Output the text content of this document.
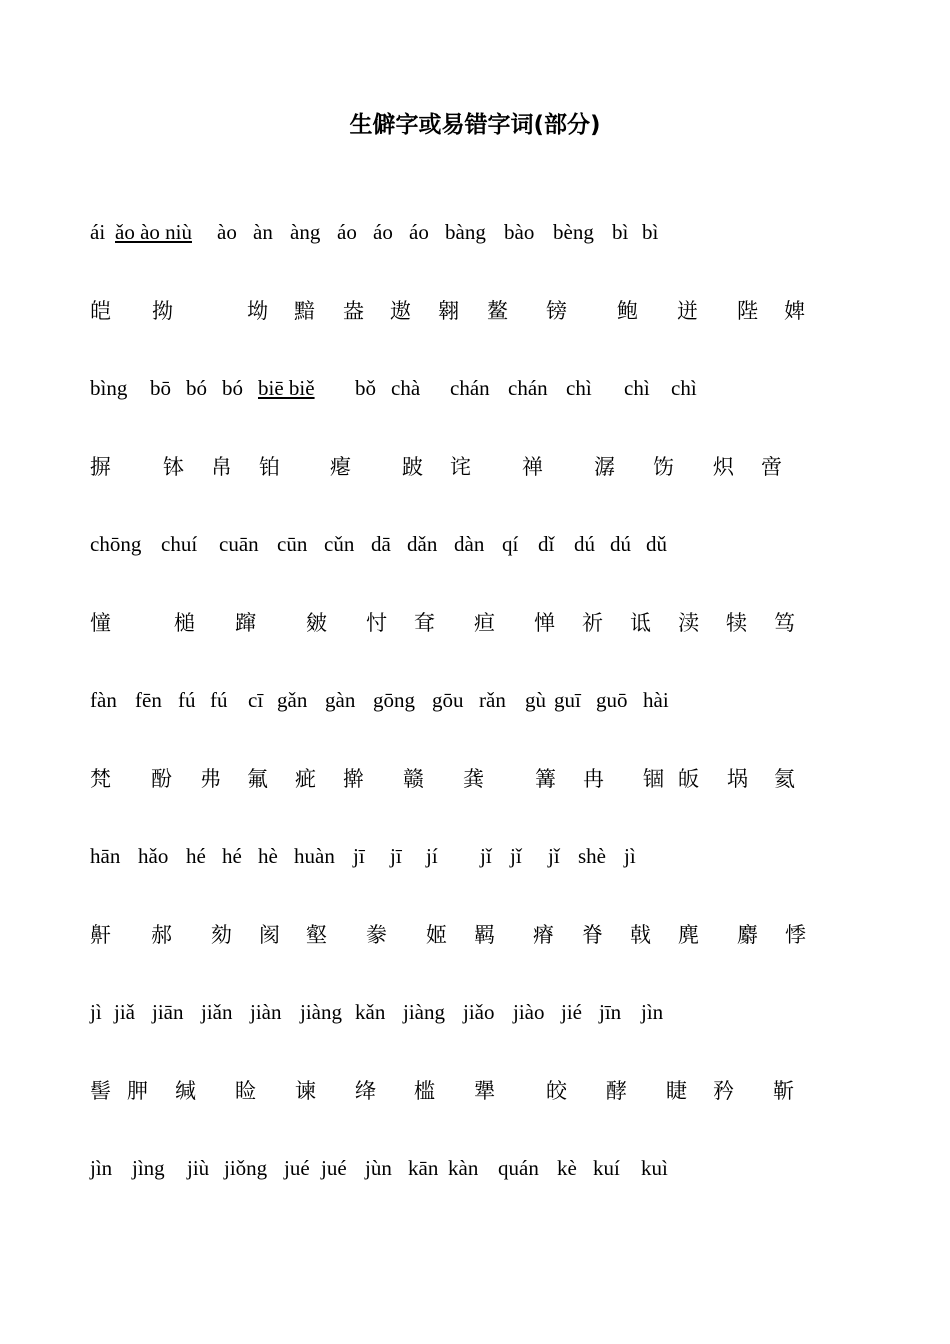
生僻字或易错字词(部分)
ái ǎo ào niù ào àn àng áo áo áo bàng bào bèng bì bì
皑 拗	坳 黯 盎 遨 翱 鳌 镑 鲍 迸 陛 婢
bìng bō bó bó biē biě bǒ chà chán chán chì chì chì
摒 钵 帛 铂 瘪 跛 诧 禅 潺 饬 炽 啻
chōng chuí cuān cūn cǔn dā dǎn dàn qí dǐ dú dú dǔ
憧	槌 蹿 皴 忖 耷 疸 惮 祈 诋 渎 犊 笃
fàn fēn fú fú cī gǎn gàn gōng gōu rǎn gù guī guō hài
梵 酚 弗 氟 疵 擀 赣 龚 篝 冉 锢 皈 埚 氦
hān hǎo hé hé hè huàn jī jī jí jǐ jǐ jǐ shè jì
鼾 郝 劾 阂 壑 豢 姬 羁 瘠 脊 戟 麂 麝 悸
jì jiǎ jiān jiǎn jiàn jiàng kǎn jiàng jiǎo jiào jié jīn jìn
髻 胛 缄 睑 谏 绛 槛 犟 皎 酵 睫 矜 靳
jìn jìng jiù jiǒng jué jué jùn kān kàn quán kè kuí kuì
